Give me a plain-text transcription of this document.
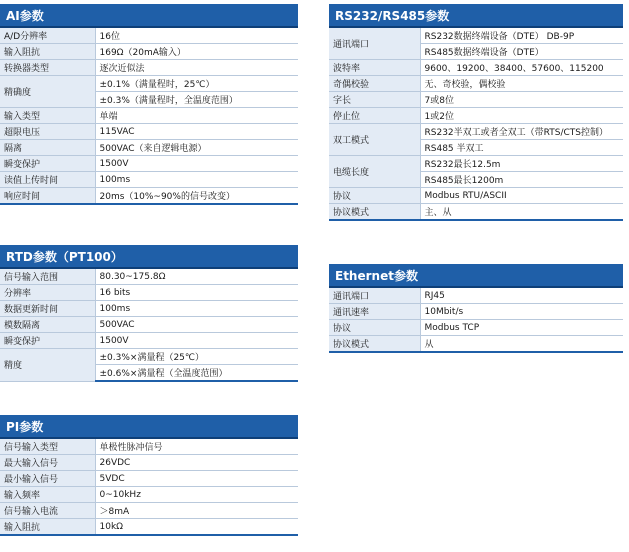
AI参数
A/D分辨率	16位
输入阻抗	169Ω（20mA输入）
转换器类型	逐次近似法
精确度	±0.1%（满量程时，25℃）
	±0.3%（满量程时，全温度范围）
输入类型	单端
超限电压	115VAC
隔离	500VAC（来自逻辑电源）
瞬变保护	1500V
读值上传时间	100ms
响应时间	20ms（10%~90%的信号改变）
RTD参数（PT100）
信号输入范围	80.30~175.8Ω
分辨率	16 bits
数据更新时间	100ms
模数隔离	500VAC
瞬变保护	1500V
精度	±0.3%×满量程（25℃）
	±0.6%×满量程（全温度范围）
PI参数
信号输入类型	单极性脉冲信号
最大输入信号	26VDC
最小输入信号	5VDC
输入频率	0~10kHz
信号输入电流	＞8mA
输入阻抗	10kΩ
RS232/RS485参数
通讯端口	RS232数据终端设备（DTE） DB-9P
	RS485数据终端设备（DTE）
波特率	9600、19200、38400、57600、115200
奇偶校验	无、奇校验，偶校验
字长	7或8位
停止位	1或2位
双工模式	RS232半双工或者全双工（带RTS/CTS控制）
	RS485 半双工
电缆长度	RS232最长12.5m
	RS485最长1200m
协议	Modbus RTU/ASCII
协议模式	主、从
Ethernet参数
通讯端口	RJ45
通讯速率	10Mbit/s
协议	Modbus TCP
协议模式	从
